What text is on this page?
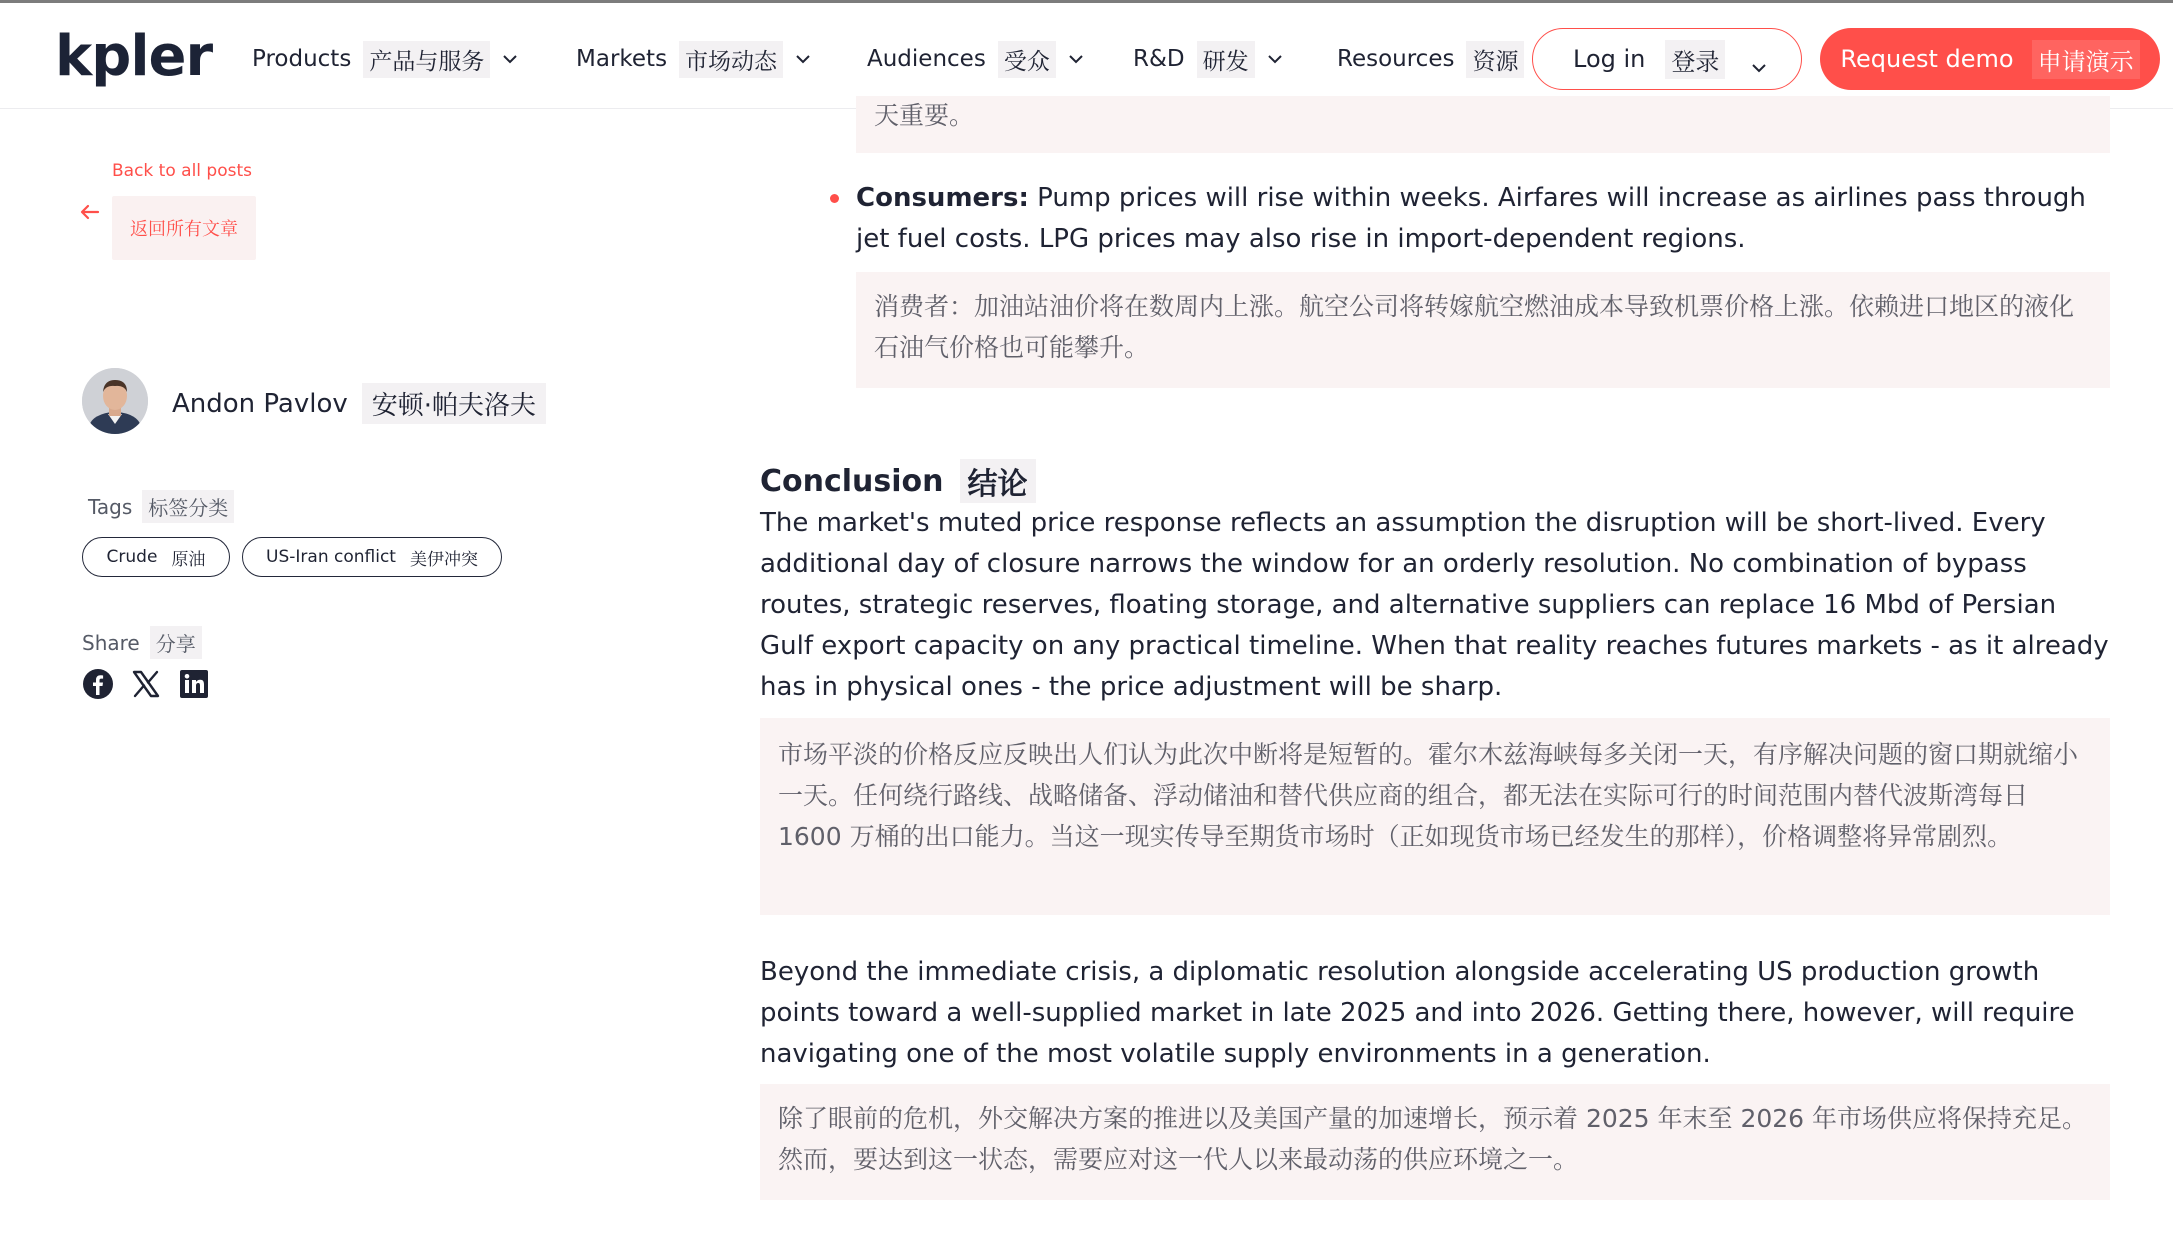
kpler Products 产品与服务	Markets 市场动态	Audiences 受众	R&D 研发	Resources 资源 Log in 登录	Request demo 申请演示
Back to all posts
返回所有文章
Andon Pavlov 安顿·帕夫洛夫
Tags 标签分类
Crude 原油	US-Iran conflict 美伊冲突
Share 分享
天重要。
Consumers: Pump prices will rise within weeks. Airfares will increase as airlines pass through jet fuel costs. LPG prices may also rise in import-dependent regions.
消费者：加油站油价将在数周内上涨。航空公司将转嫁航空燃油成本导致机票价格上涨。依赖进口地区的液化石油气价格也可能攀升。
Conclusion 结论
The market's muted price response reflects an assumption the disruption will be short-lived. Every additional day of closure narrows the window for an orderly resolution. No combination of bypass routes, strategic reserves, floating storage, and alternative suppliers can replace 16 Mbd of Persian Gulf export capacity on any practical timeline. When that reality reaches futures markets - as it already has in physical ones - the price adjustment will be sharp.
市场平淡的价格反应反映出人们认为此次中断将是短暂的。霍尔木兹海峡每多关闭一天，有序解决问题的窗口期就缩小一天。任何绕行路线、战略储备、浮动储油和替代供应商的组合，都无法在实际可行的时间范围内替代波斯湾每日 1600 万桶的出口能力。当这一现实传导至期货市场时（正如现货市场已经发生的那样），价格调整将异常剧烈。
Beyond the immediate crisis, a diplomatic resolution alongside accelerating US production growth points toward a well-supplied market in late 2025 and into 2026. Getting there, however, will require navigating one of the most volatile supply environments in a generation.
除了眼前的危机，外交解决方案的推进以及美国产量的加速增长，预示着 2025 年末至 2026 年市场供应将保持充足。然而，要达到这一状态，需要应对这一代人以来最动荡的供应环境之一。
